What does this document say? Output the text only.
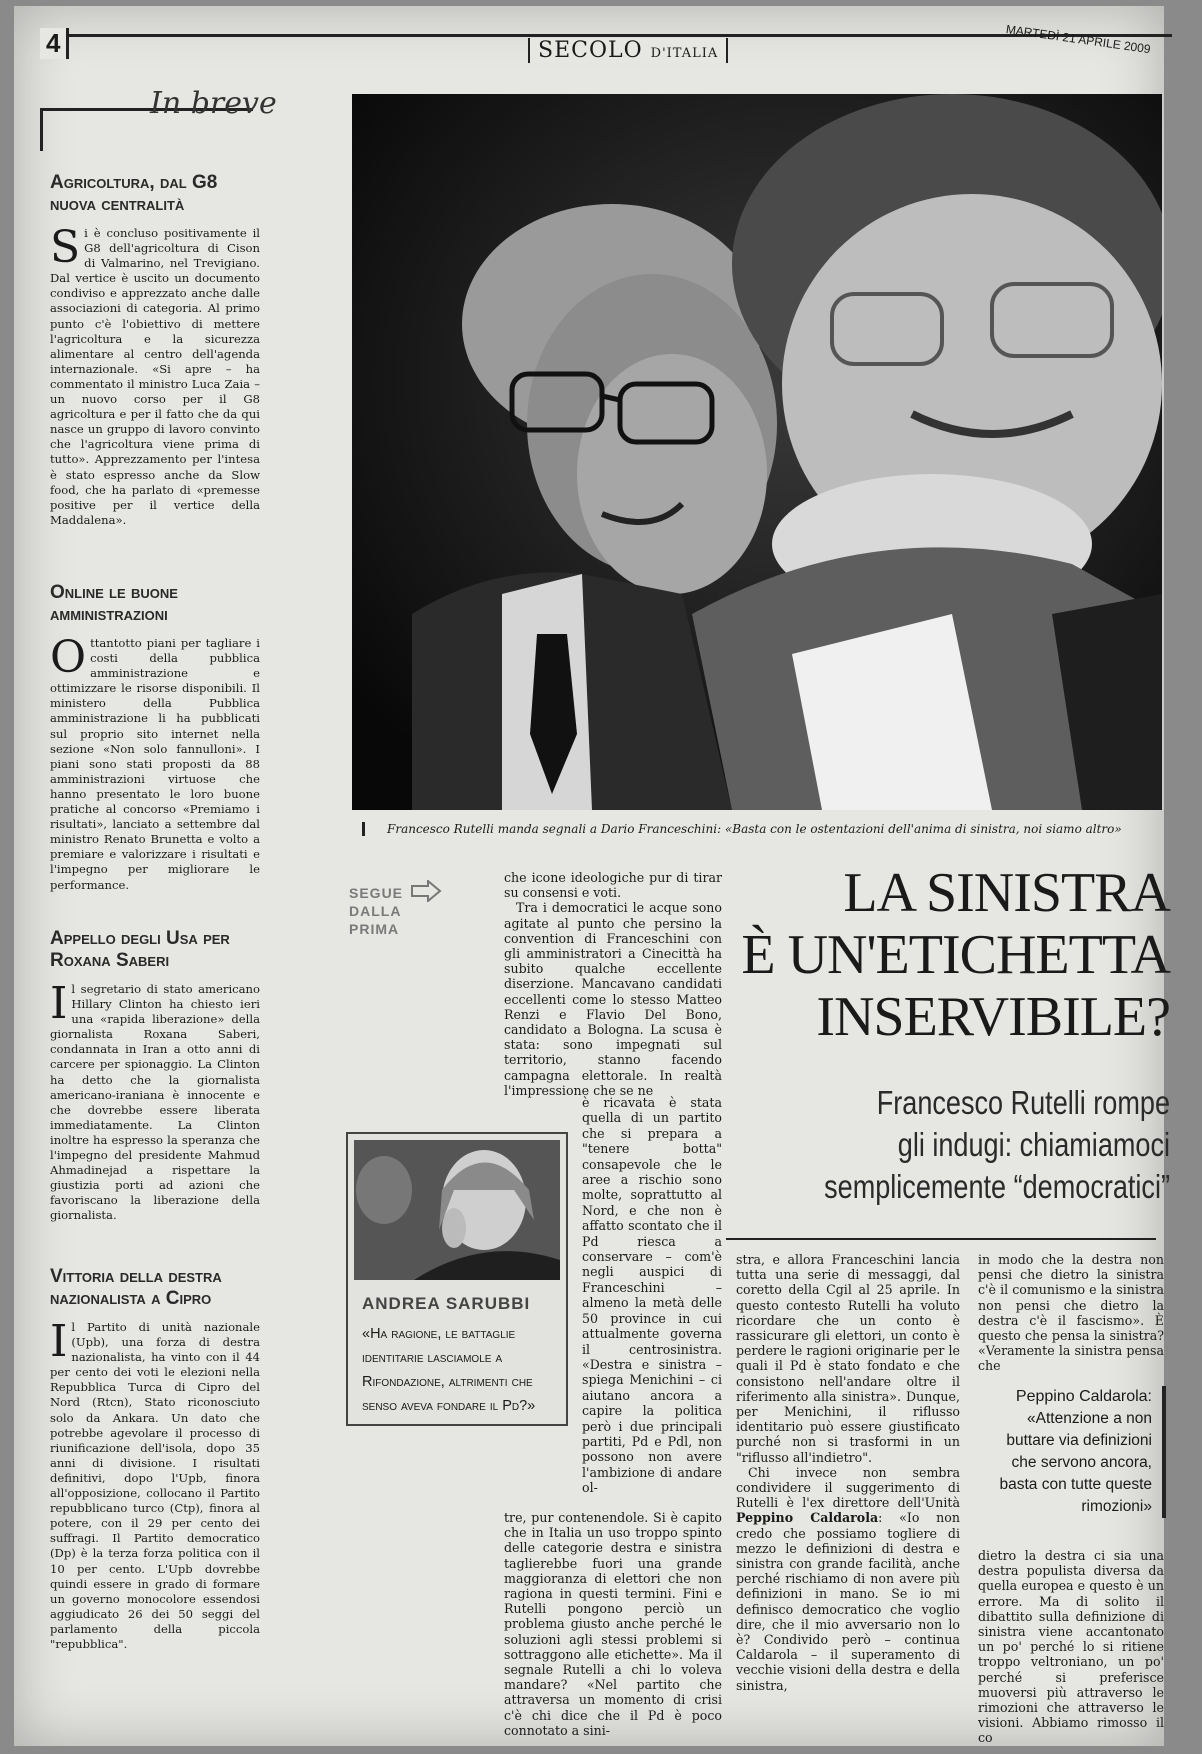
4	SECOLO D'ITALIA	MARTEDÌ 21 APRILE 2009
In breve
Agricoltura, dal G8 nuova centralità

Si è concluso positivamente il G8 dell'agricoltura di Cison di Valmarino, nel Trevigiano. Dal vertice è uscito un documento condiviso e apprezzato anche dalle associazioni di categoria. Al primo punto c'è l'obiettivo di mettere l'agricoltura e la sicurezza alimentare al centro dell'agenda internazionale. «Si apre – ha commentato il ministro Luca Zaia – un nuovo corso per il G8 agricoltura e per il fatto che da qui nasce un gruppo di lavoro convinto che l'agricoltura viene prima di tutto». Apprezzamento per l'intesa è stato espresso anche da Slow food, che ha parlato di «premesse positive per il vertice della Maddalena».

Online le buone amministrazioni

Ottantotto piani per tagliare i costi della pubblica amministrazione e ottimizzare le risorse disponibili. Il ministero della Pubblica amministrazione li ha pubblicati sul proprio sito internet nella sezione «Non solo fannulloni». I piani sono stati proposti da 88 amministrazioni virtuose che hanno presentato le loro buone pratiche al concorso «Premiamo i risultati», lanciato a settembre dal ministro Renato Brunetta e volto a premiare e valorizzare i risultati e l'impegno per migliorare le performance.

Appello degli Usa per Roxana Saberi

Il segretario di stato americano Hillary Clinton ha chiesto ieri una «rapida liberazione» della giornalista Roxana Saberi, condannata in Iran a otto anni di carcere per spionaggio. La Clinton ha detto che la giornalista americano-iraniana è innocente e che dovrebbe essere liberata immediatamente. La Clinton inoltre ha espresso la speranza che l'impegno del presidente Mahmud Ahmadinejad a rispettare la giustizia porti ad azioni che favoriscano la liberazione della giornalista.

Vittoria della destra nazionalista a Cipro

Il Partito di unità nazionale (Upb), una forza di destra nazionalista, ha vinto con il 44 per cento dei voti le elezioni nella Repubblica Turca di Cipro del Nord (Rtcn), Stato riconosciuto solo da Ankara. Un dato che potrebbe agevolare il processo di riunificazione dell'isola, dopo 35 anni di divisione. I risultati definitivi, dopo l'Upb, finora all'opposizione, collocano il Partito repubblicano turco (Ctp), finora al potere, con il 29 per cento dei suffragi. Il Partito democratico (Dp) è la terza forza politica con il 10 per cento. L'Upb dovrebbe quindi essere in grado di formare un governo monocolore essendosi aggiudicato 26 dei 50 seggi del parlamento della piccola "repubblica".

Francesco Rutelli manda segnali a Dario Franceschini: «Basta con le ostentazioni dell'anima di sinistra, noi siamo altro»
SEGUE
DALLA
PRIMA

che icone ideologiche pur di tirar su consensi e voti.

Tra i democratici le acque sono agitate al punto che persino la convention di Franceschini con gli amministratori a Cinecittà ha subito qualche eccellente diserzione. Mancavano candidati eccellenti come lo stesso Matteo Renzi e Flavio Del Bono, candidato a Bologna. La scusa è stata: sono impegnati sul territorio, stanno facendo campagna elettorale. In realtà l'impressione che se ne

è ricavata è stata quella di un partito che si prepara a "tenere botta" consapevole che le aree a rischio sono molte, soprattutto al Nord, e che non è affatto scontato che il Pd riesca a conservare – com'è negli auspici di Franceschini – almeno la metà delle 50 province in cui attualmente governa il centrosinistra. «Destra e sinistra – spiega Menichini – ci aiutano ancora a capire la politica però i due principali partiti, Pd e Pdl, non possono non avere l'ambizione di andare ol-

tre, pur contenendole. Si è capito che in Italia un uso troppo spinto delle categorie destra e sinistra taglierebbe fuori una grande maggioranza di elettori che non ragiona in questi termini. Fini e Rutelli pongono perciò un problema giusto anche perché le soluzioni agli stessi problemi si sottraggono alle etichette». Ma il segnale Rutelli a chi lo voleva mandare? «Nel partito che attraversa un momento di crisi c'è chi dice che il Pd è poco connotato a sini-

ANDREA SARUBBI
«Ha ragione, le battaglie identitarie lasciamole a Rifondazione, altrimenti che senso aveva fondare il Pd?»
LA SINISTRA
È UN'ETICHETTA
INSERVIBILE?
Francesco Rutelli rompe
gli indugi: chiamiamoci
semplicemente “democratici”

stra, e allora Franceschini lancia tutta una serie di messaggi, dal coretto della Cgil al 25 aprile. In questo contesto Rutelli ha voluto ricordare che un conto è rassicurare gli elettori, un conto è perdere le ragioni originarie per le quali il Pd è stato fondato e che consistono nell'andare oltre il riferimento alla sinistra». Dunque, per Menichini, il riflusso identitario può essere giustificato purché non si trasformi in un "riflusso all'indietro".

Chi invece non sembra condividere il suggerimento di Rutelli è l'ex direttore dell'Unità Peppino Caldarola: «Io non credo che possiamo togliere di mezzo le definizioni di destra e sinistra con grande facilità, anche perché rischiamo di non avere più definizioni in mano. Se io mi definisco democratico che voglio dire, che il mio avversario non lo è? Condivido però – continua Caldarola – il superamento di vecchie visioni della destra e della sinistra,

in modo che la destra non pensi che dietro la sinistra c'è il comunismo e la sinistra non pensi che dietro la destra c'è il fascismo». È questo che pensa la sinistra? «Veramente la sinistra pensa che

Peppino Caldarola:
«Attenzione a non buttare via definizioni che servono ancora, basta con tutte queste rimozioni»

dietro la destra ci sia una destra populista diversa da quella europea e questo è un errore. Ma di solito il dibattito sulla definizione di sinistra viene accantonato un po' perché lo si ritiene troppo veltroniano, un po' perché si preferisce muoversi più attraverso le rimozioni che attraverso le visioni. Abbiamo rimosso il co
